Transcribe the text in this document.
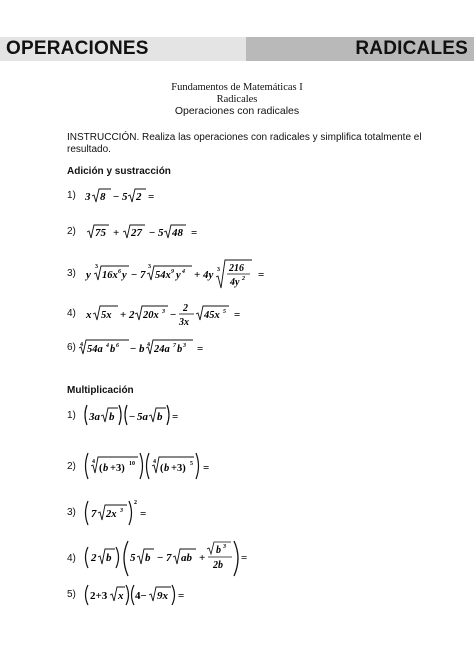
OPERACIONES	RADICALES
Fundamentos de Matemáticas I
Radicales
Operaciones con radicales
INSTRUCCIÓN. Realiza las operaciones con radicales y simplifica totalmente el resultado.
Adición y sustracción
1) 3 8 − 5 2 =
2) 75 + 27 − 5 48 =
3) y
3
16x 6 y − 7
3
54x 9 y 4 + 4y 3 216
4y 2 =
4) x 5x + 2 20x 3 −
2
3x
45x 5 =
6) 4 54a 4 b 6 − b 4 24a 7 b 3 =
Multiplicación
1) 3a b − 5a b =
2)	4
( b +3) 10	4
( b +3) 5 =
3) 7 2x 3
2
=
4) 2 b 5 b − 7 ab +
b 3
2b
=
5) 2+3 x 4− 9x =
